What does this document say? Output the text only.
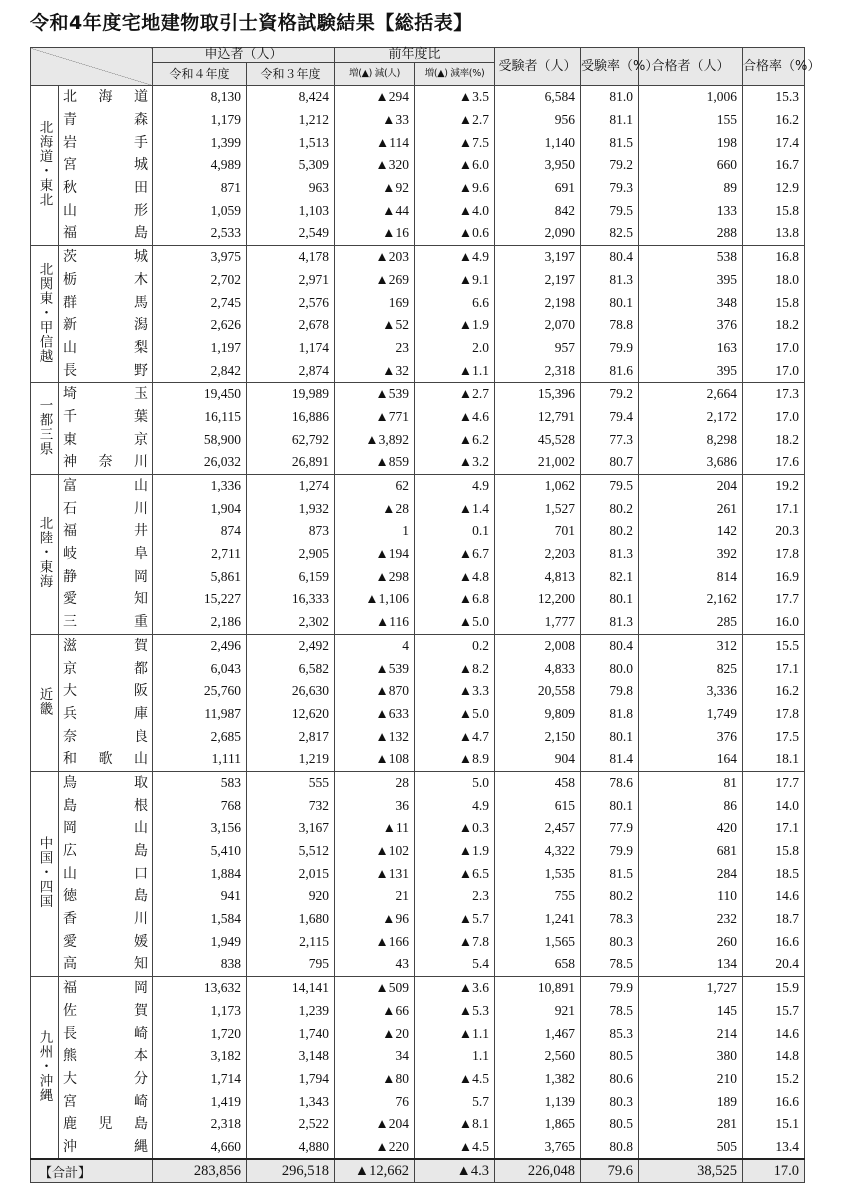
令和4年度宅地建物取引士資格試験結果【総括表】
		申込者（人）		前年度比		受験者（人）	受験率（%）	合格者（人）	合格率（%）
		令和４年度	令和３年度	増(▲) 減(人)	増(▲) 減率(%)				
北海道・東北	北 海 道	8,130	8,424	▲294	▲3.5	6,584	81.0	1,006	15.3

青 森	1,179	1,212	▲33	▲2.7	956	81.1	155	16.2

岩 手	1,399	1,513	▲114	▲7.5	1,140	81.5	198	17.4

宮 城	4,989	5,309	▲320	▲6.0	3,950	79.2	660	16.7

秋 田	871	963	▲92	▲9.6	691	79.3	89	12.9

山 形	1,059	1,103	▲44	▲4.0	842	79.5	133	15.8

福 島	2,533	2,549	▲16	▲0.6	2,090	82.5	288	13.8
北関東・甲信越	茨 城	3,975	4,178	▲203	▲4.9	3,197	80.4	538	16.8

栃 木	2,702	2,971	▲269	▲9.1	2,197	81.3	395	18.0

群 馬	2,745	2,576	169	6.6	2,198	80.1	348	15.8

新 潟	2,626	2,678	▲52	▲1.9	2,070	78.8	376	18.2

山 梨	1,197	1,174	23	2.0	957	79.9	163	17.0

長 野	2,842	2,874	▲32	▲1.1	2,318	81.6	395	17.0
一都三県	埼 玉	19,450	19,989	▲539	▲2.7	15,396	79.2	2,664	17.3

千 葉	16,115	16,886	▲771	▲4.6	12,791	79.4	2,172	17.0

東 京	58,900	62,792	▲3,892	▲6.2	45,528	77.3	8,298	18.2

神 奈 川	26,032	26,891	▲859	▲3.2	21,002	80.7	3,686	17.6
北陸・東海	富 山	1,336	1,274	62	4.9	1,062	79.5	204	19.2

石 川	1,904	1,932	▲28	▲1.4	1,527	80.2	261	17.1

福 井	874	873	1	0.1	701	80.2	142	20.3

岐 阜	2,711	2,905	▲194	▲6.7	2,203	81.3	392	17.8

静 岡	5,861	6,159	▲298	▲4.8	4,813	82.1	814	16.9

愛 知	15,227	16,333	▲1,106	▲6.8	12,200	80.1	2,162	17.7

三 重	2,186	2,302	▲116	▲5.0	1,777	81.3	285	16.0
近畿	滋 賀	2,496	2,492	4	0.2	2,008	80.4	312	15.5

京 都	6,043	6,582	▲539	▲8.2	4,833	80.0	825	17.1

大 阪	25,760	26,630	▲870	▲3.3	20,558	79.8	3,336	16.2

兵 庫	11,987	12,620	▲633	▲5.0	9,809	81.8	1,749	17.8

奈 良	2,685	2,817	▲132	▲4.7	2,150	80.1	376	17.5

和 歌 山	1,111	1,219	▲108	▲8.9	904	81.4	164	18.1
中国・四国	鳥 取	583	555	28	5.0	458	78.6	81	17.7

島 根	768	732	36	4.9	615	80.1	86	14.0

岡 山	3,156	3,167	▲11	▲0.3	2,457	77.9	420	17.1

広 島	5,410	5,512	▲102	▲1.9	4,322	79.9	681	15.8

山 口	1,884	2,015	▲131	▲6.5	1,535	81.5	284	18.5

徳 島	941	920	21	2.3	755	80.2	110	14.6

香 川	1,584	1,680	▲96	▲5.7	1,241	78.3	232	18.7

愛 媛	1,949	2,115	▲166	▲7.8	1,565	80.3	260	16.6

高 知	838	795	43	5.4	658	78.5	134	20.4
九州・沖縄	福 岡	13,632	14,141	▲509	▲3.6	10,891	79.9	1,727	15.9

佐 賀	1,173	1,239	▲66	▲5.3	921	78.5	145	15.7

長 崎	1,720	1,740	▲20	▲1.1	1,467	85.3	214	14.6

熊 本	3,182	3,148	34	1.1	2,560	80.5	380	14.8

大 分	1,714	1,794	▲80	▲4.5	1,382	80.6	210	15.2

宮 崎	1,419	1,343	76	5.7	1,139	80.3	189	16.6

鹿 児 島	2,318	2,522	▲204	▲8.1	1,865	80.5	281	15.1

沖 縄	4,660	4,880	▲220	▲4.5	3,765	80.8	505	13.4
【合計】		283,856	296,518	▲12,662	▲4.3	226,048	79.6	38,525	17.0
